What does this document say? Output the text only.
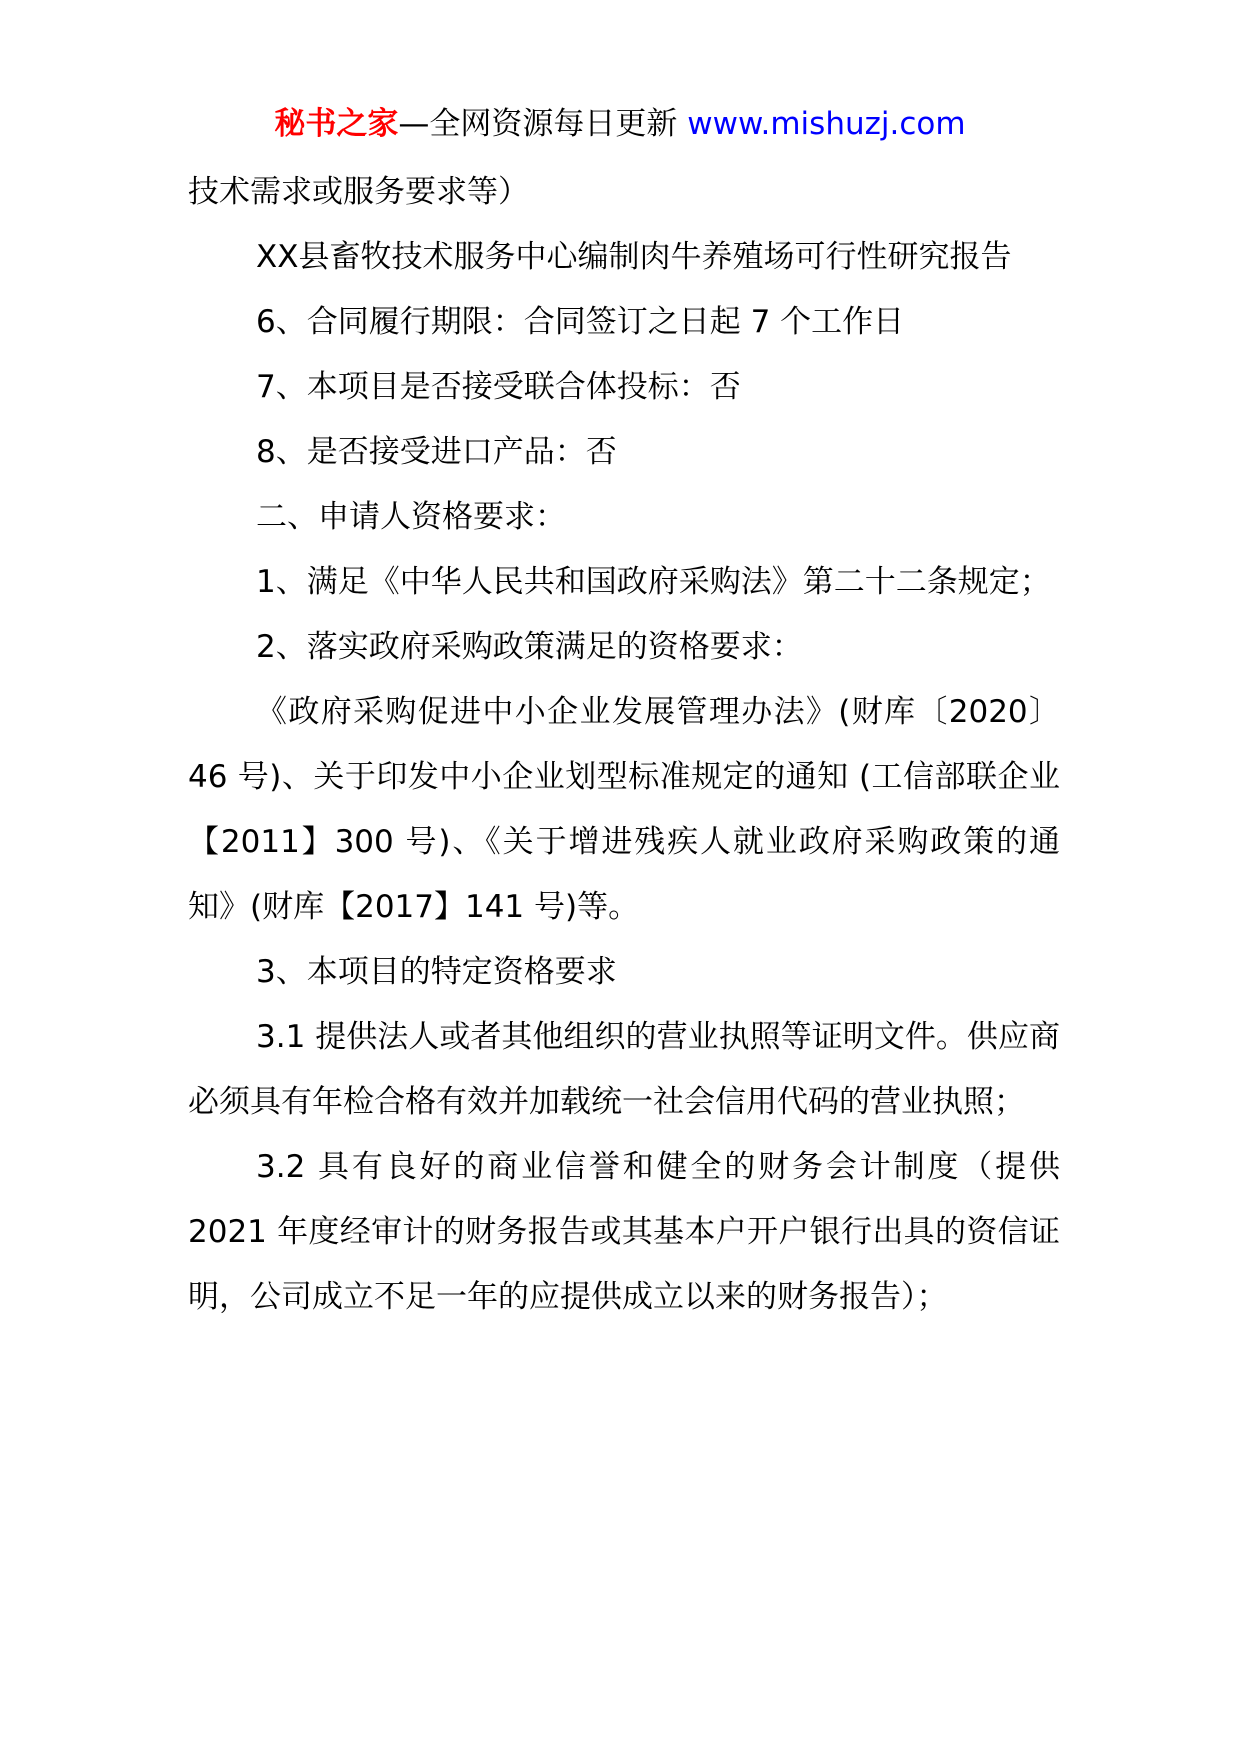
秘书之家—全网资源每日更新 www.mishuzj.com

技术需求或服务要求等）

XX县畜牧技术服务中心编制肉牛养殖场可行性研究报告

6、合同履行期限：合同签订之日起 7 个工作日

7、本项目是否接受联合体投标：否

8、是否接受进口产品：否

二、申请人资格要求：

1、满足《中华人民共和国政府采购法》第二十二条规定；

2、落实政府采购政策满足的资格要求：

《政府采购促进中小企业发展管理办法》(财库〔2020〕46 号)、关于印发中小企业划型标准规定的通知 (工信部联企业【2011】300 号)、《关于增进残疾人就业政府采购政策的通知》(财库【2017】141 号)等。

3、本项目的特定资格要求

3.1 提供法人或者其他组织的营业执照等证明文件。供应商必须具有年检合格有效并加载统一社会信用代码的营业执照；

3.2 具有良好的商业信誉和健全的财务会计制度（提供 2021 年度经审计的财务报告或其基本户开户银行出具的资信证明，公司成立不足一年的应提供成立以来的财务报告）；
